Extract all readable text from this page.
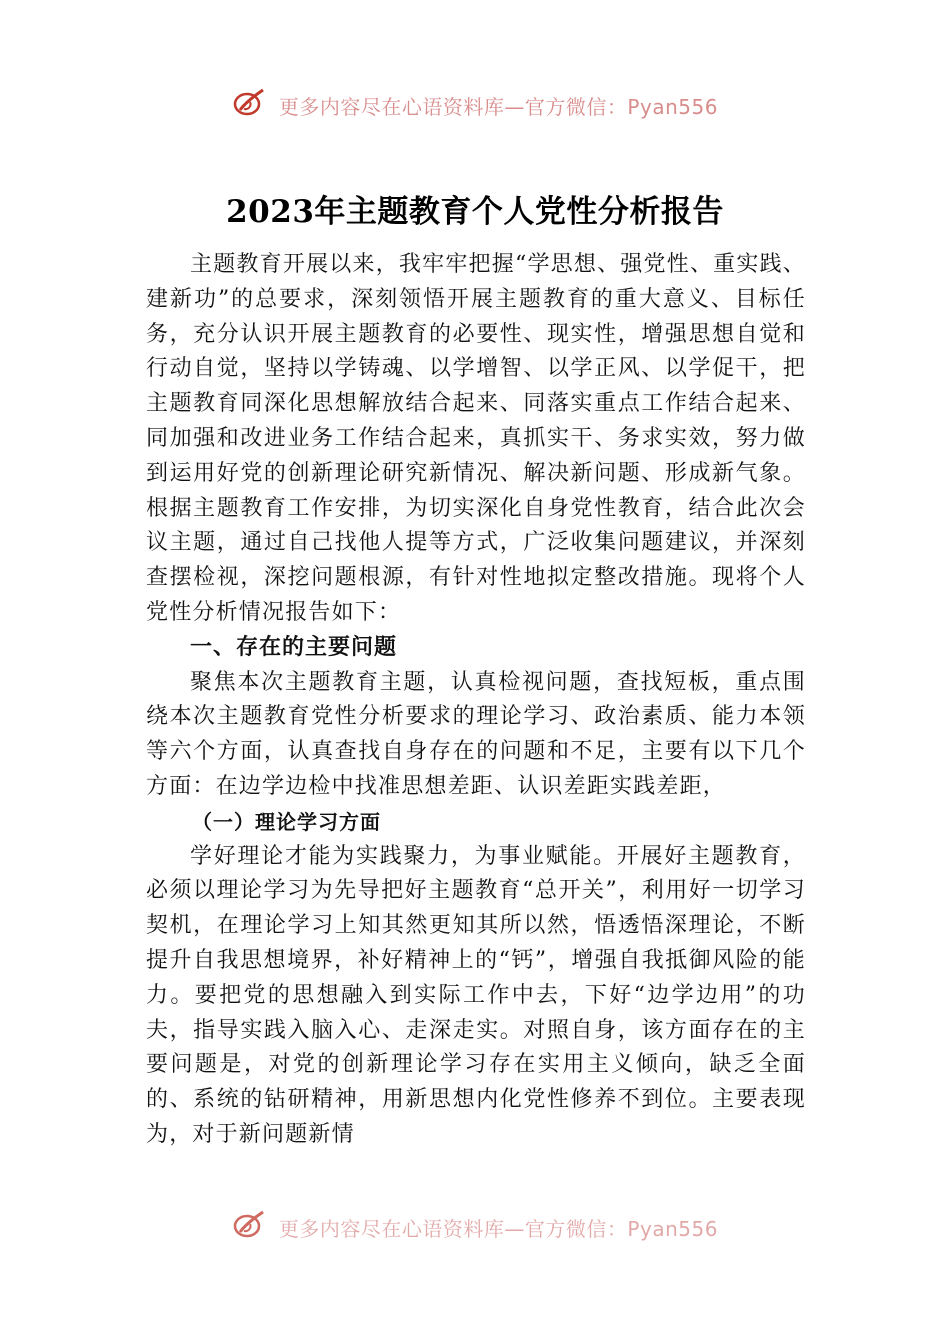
更多内容尽在心语资料库—官方微信：Pyan556
2023年主题教育个人党性分析报告

主题教育开展以来，我牢牢把握“学思想、强党性、重实践、建新功”的总要求，深刻领悟开展主题教育的重大意义、目标任务，充分认识开展主题教育的必要性、现实性，增强思想自觉和行动自觉，坚持以学铸魂、以学增智、以学正风、以学促干，把主题教育同深化思想解放结合起来、同落实重点工作结合起来、同加强和改进业务工作结合起来，真抓实干、务求实效，努力做到运用好党的创新理论研究新情况、解决新问题、形成新气象。根据主题教育工作安排，为切实深化自身党性教育，结合此次会议主题，通过自己找他人提等方式，广泛收集问题建议，并深刻查摆检视，深挖问题根源，有针对性地拟定整改措施。现将个人党性分析情况报告如下：

一、存在的主要问题

聚焦本次主题教育主题，认真检视问题，查找短板，重点围绕本次主题教育党性分析要求的理论学习、政治素质、能力本领等六个方面，认真查找自身存在的问题和不足，主要有以下几个方面：在边学边检中找准思想差距、认识差距实践差距，

（一）理论学习方面

学好理论才能为实践聚力，为事业赋能。开展好主题教育，必须以理论学习为先导把好主题教育“总开关”，利用好一切学习契机，在理论学习上知其然更知其所以然，悟透悟深理论，不断提升自我思想境界，补好精神上的“钙”，增强自我抵御风险的能力。要把党的思想融入到实际工作中去，下好“边学边用”的功夫，指导实践入脑入心、走深走实。对照自身，该方面存在的主要问题是，对党的创新理论学习存在实用主义倾向，缺乏全面的、系统的钻研精神，用新思想内化党性修养不到位。主要表现为，对于新问题新情

更多内容尽在心语资料库—官方微信：Pyan556
